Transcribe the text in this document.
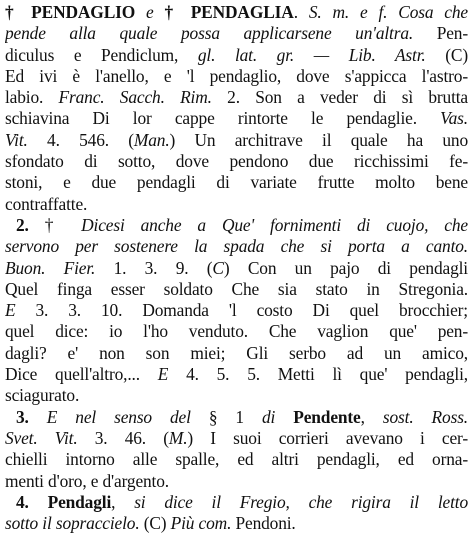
† PENDAGLIO e † PENDAGLIA. S. m. e f. Cosa che
pende alla quale possa applicarsene un'altra. Pen-
diculus e Pendiclum, gl. lat. gr. — Lib. Astr. (C)
Ed ivi è l'anello, e 'l pendaglio, dove s'appicca l'astro-
labio. Franc. Sacch. Rim. 2. Son a veder di sì brutta
schiavina Di lor cappe rintorte le pendaglie. Vas.
Vit. 4. 546. (Man.) Un architrave il quale ha uno
sfondato di sotto, dove pendono due ricchissimi fe-
stoni, e due pendagli di variate frutte molto bene
contraffatte.
2. † Dicesi anche a Que' fornimenti di cuojo, che
servono per sostenere la spada che si porta a canto.
Buon. Fier. 1. 3. 9. (C) Con un pajo di pendagli
Quel finga esser soldato Che sia stato in Stregonia.
E 3. 3. 10. Domanda 'l costo Di quel brocchier;
quel dice: io l'ho venduto. Che vaglion que' pen-
dagli? e' non son miei; Gli serbo ad un amico,
Dice quell'altro,... E 4. 5. 5. Metti lì que' pendagli,
sciagurato.
3. E nel senso del § 1 di Pendente, sost. Ross.
Svet. Vit. 3. 46. (M.) I suoi corrieri avevano i cer-
chielli intorno alle spalle, ed altri pendagli, ed orna-
menti d'oro, e d'argento.
4. Pendagli, si dice il Fregio, che rigira il letto
sotto il sopraccielo. (C) Più com. Pendoni.
